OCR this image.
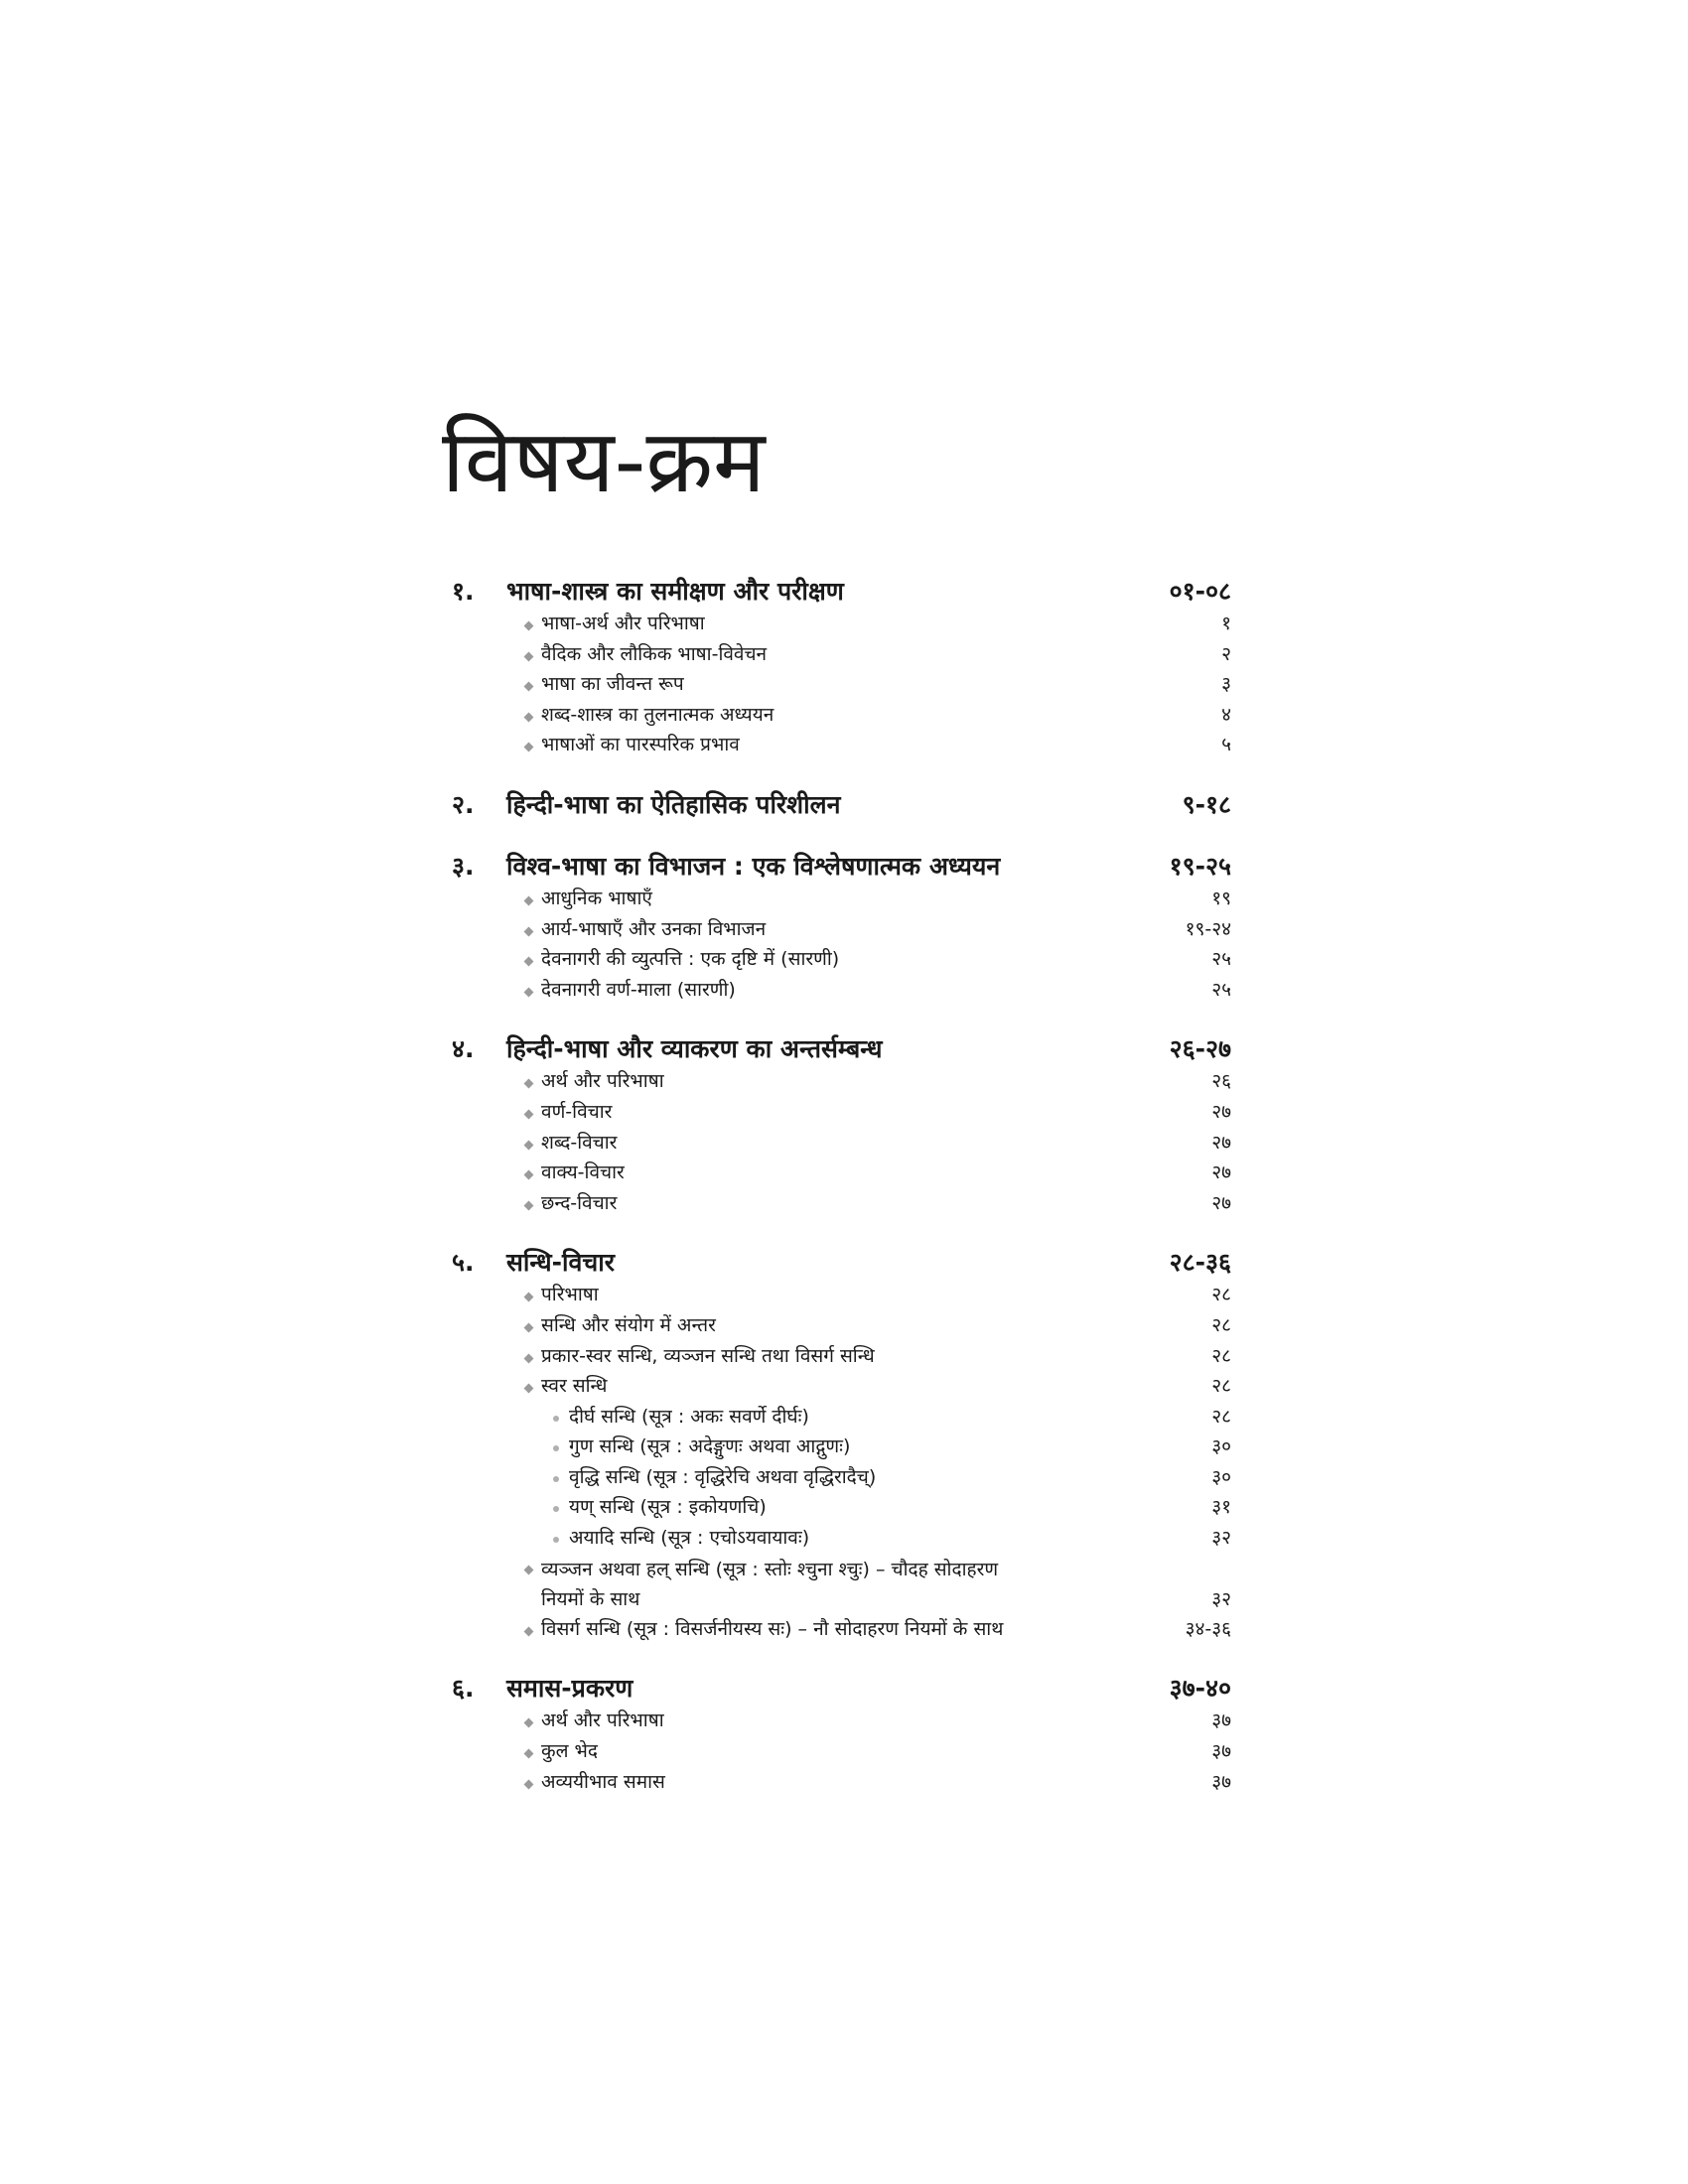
विषय-क्रम
१.	भाषा-शास्त्र का समीक्षण और परीक्षण	०१-०८
भाषा-अर्थ और परिभाषा	१
वैदिक और लौकिक भाषा-विवेचन	२
भाषा का जीवन्त रूप	३
शब्द-शास्त्र का तुलनात्मक अध्ययन	४
भाषाओं का पारस्परिक प्रभाव	५
२.	हिन्दी-भाषा का ऐतिहासिक परिशीलन	९-१८
३.	विश्व-भाषा का विभाजन : एक विश्लेषणात्मक अध्ययन	१९-२५
आधुनिक भाषाएँ	१९
आर्य-भाषाएँ और उनका विभाजन	१९-२४
देवनागरी की व्युत्पत्ति : एक दृष्टि में (सारणी)	२५
देवनागरी वर्ण-माला (सारणी)	२५
४.	हिन्दी-भाषा और व्याकरण का अन्तर्सम्बन्ध	२६-२७
अर्थ और परिभाषा	२६
वर्ण-विचार	२७
शब्द-विचार	२७
वाक्य-विचार	२७
छन्द-विचार	२७
५.	सन्धि-विचार	२८-३६
परिभाषा	२८
सन्धि और संयोग में अन्तर	२८
प्रकार-स्वर सन्धि, व्यञ्जन सन्धि तथा विसर्ग सन्धि	२८
स्वर सन्धि	२८
दीर्घ सन्धि (सूत्र : अकः सवर्णे दीर्घः)	२८
गुण सन्धि (सूत्र : अदेङ्गुणः अथवा आद्गुणः)	३०
वृद्धि सन्धि (सूत्र : वृद्धिरेचि अथवा वृद्धिरादैच्)	३०
यण् सन्धि (सूत्र : इकोयणचि)	३१
अयादि सन्धि (सूत्र : एचोऽयवायावः)	३२
व्यञ्जन अथवा हल् सन्धि (सूत्र : स्तोः श्चुना श्चुः) – चौदह सोदाहरण
नियमों के साथ	३२
विसर्ग सन्धि (सूत्र : विसर्जनीयस्य सः) – नौ सोदाहरण नियमों के साथ	३४-३६
६.	समास-प्रकरण	३७-४०
अर्थ और परिभाषा	३७
कुल भेद	३७
अव्ययीभाव समास	३७
